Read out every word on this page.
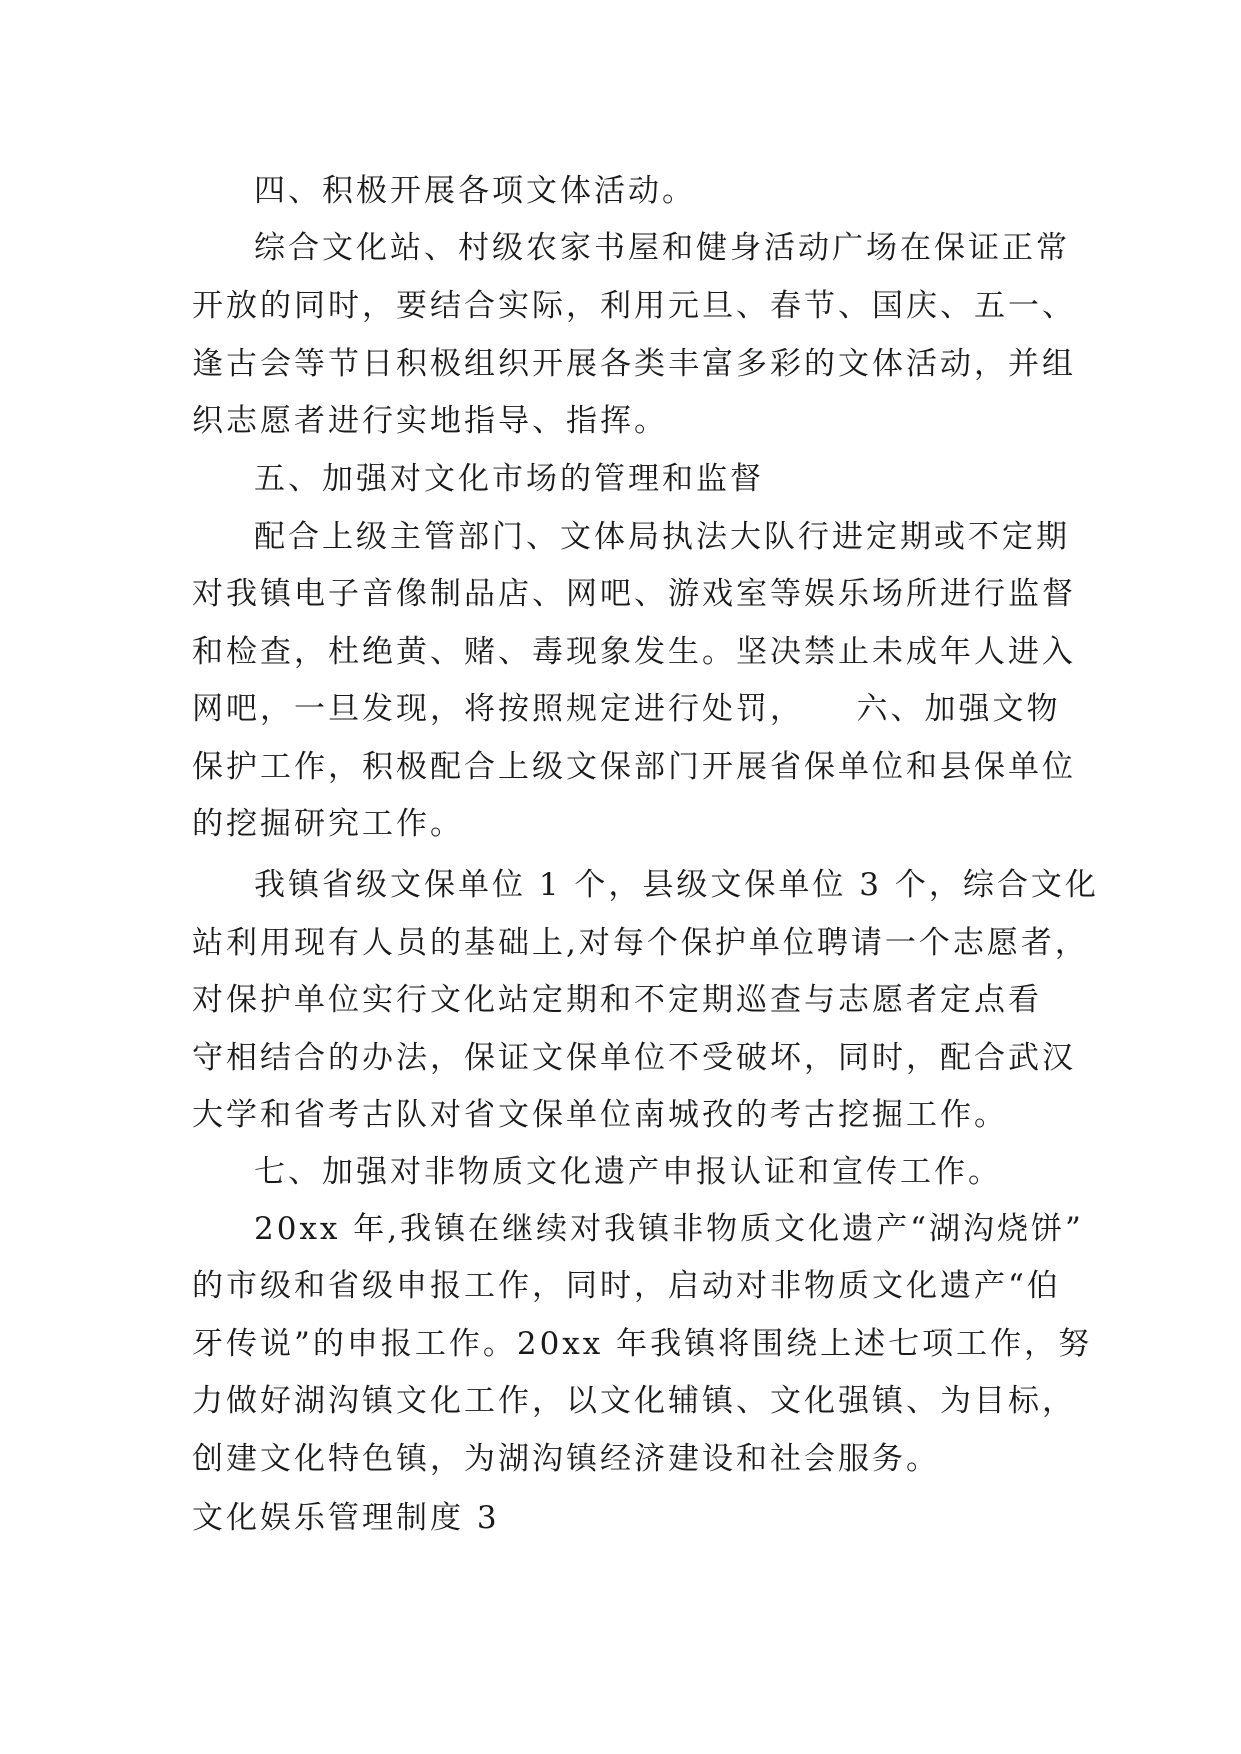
四、积极开展各项文体活动。
综合文化站、村级农家书屋和健身活动广场在保证正常
开放的同时，要结合实际，利用元旦、春节、国庆、五一、
逢古会等节日积极组织开展各类丰富多彩的文体活动，并组
织志愿者进行实地指导、指挥。
五、加强对文化市场的管理和监督
配合上级主管部门、文体局执法大队行进定期或不定期
对我镇电子音像制品店、网吧、游戏室等娱乐场所进行监督
和检查，杜绝黄、赌、毒现象发生。坚决禁止未成年人进入
网吧，一旦发现，将按照规定进行处罚，　　六、加强文物
保护工作，积极配合上级文保部门开展省保单位和县保单位
的挖掘研究工作。
我镇省级文保单位 1 个，县级文保单位 3 个，综合文化
站利用现有人员的基础上,对每个保护单位聘请一个志愿者，
对保护单位实行文化站定期和不定期巡查与志愿者定点看
守相结合的办法，保证文保单位不受破坏，同时，配合武汉
大学和省考古队对省文保单位南城孜的考古挖掘工作。
七、加强对非物质文化遗产申报认证和宣传工作。
20xx 年,我镇在继续对我镇非物质文化遗产“湖沟烧饼”
的市级和省级申报工作，同时，启动对非物质文化遗产“伯
牙传说”的申报工作。20xx 年我镇将围绕上述七项工作，努
力做好湖沟镇文化工作，以文化辅镇、文化强镇、为目标，
创建文化特色镇，为湖沟镇经济建设和社会服务。
文化娱乐管理制度 3
